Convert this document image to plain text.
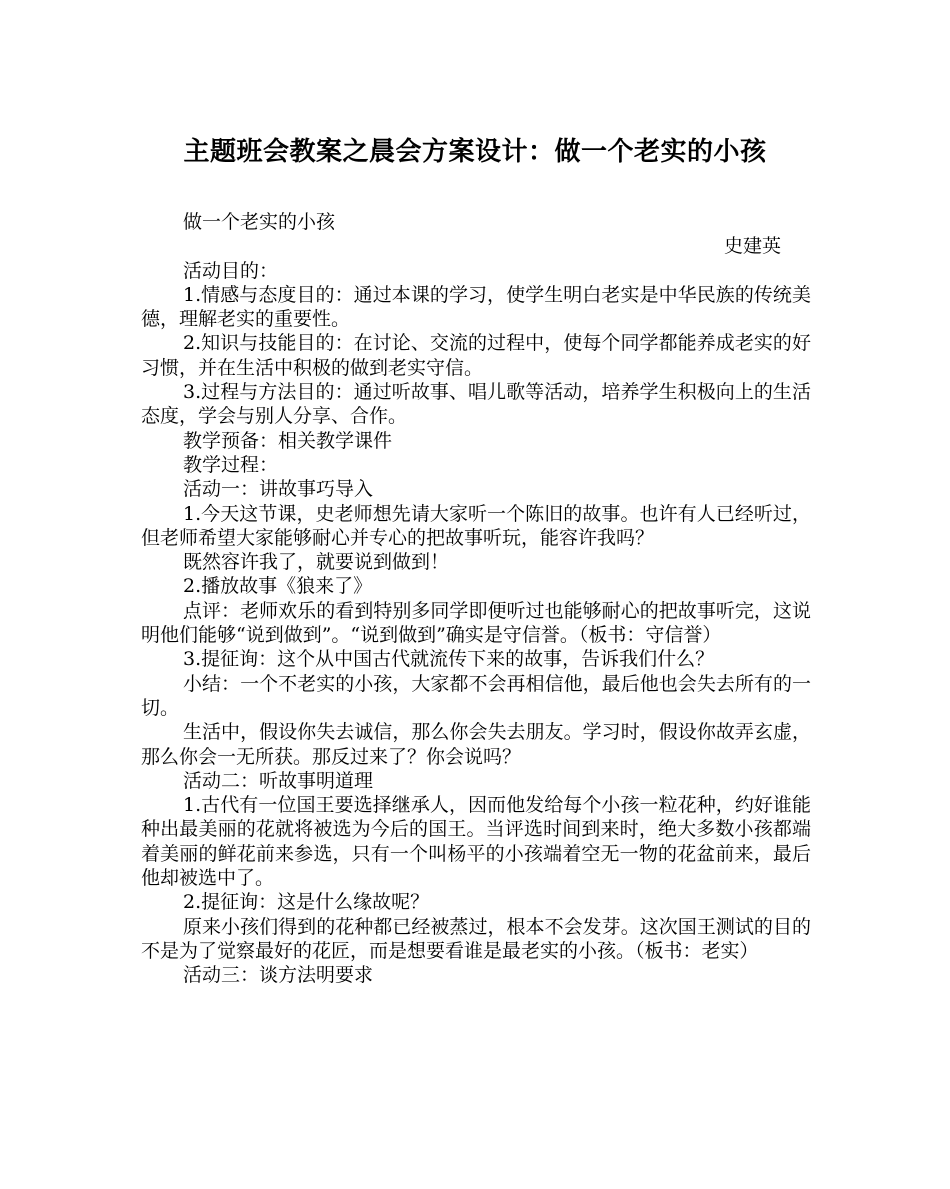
主题班会教案之晨会方案设计：做一个老实的小孩

做一个老实的小孩

史建英

活动目的：

1.情感与态度目的：通过本课的学习，使学生明白老实是中华民族的传统美德，理解老实的重要性。

2.知识与技能目的：在讨论、交流的过程中，使每个同学都能养成老实的好习惯，并在生活中积极的做到老实守信。

3.过程与方法目的：通过听故事、唱儿歌等活动，培养学生积极向上的生活态度，学会与别人分享、合作。

教学预备：相关教学课件

教学过程：

活动一：讲故事巧导入

1.今天这节课，史老师想先请大家听一个陈旧的故事。也许有人已经听过，但老师希望大家能够耐心并专心的把故事听玩，能容许我吗？

既然容许我了，就要说到做到！

2.播放故事《狼来了》

点评：老师欢乐的看到特别多同学即便听过也能够耐心的把故事听完，这说明他们能够“说到做到”。“说到做到”确实是守信誉。（板书：守信誉）

3.提征询：这个从中国古代就流传下来的故事，告诉我们什么？

小结：一个不老实的小孩，大家都不会再相信他，最后他也会失去所有的一切。

生活中，假设你失去诚信，那么你会失去朋友。学习时，假设你故弄玄虚，那么你会一无所获。那反过来了？你会说吗？

活动二：听故事明道理

1.古代有一位国王要选择继承人，因而他发给每个小孩一粒花种，约好谁能种出最美丽的花就将被选为今后的国王。当评选时间到来时，绝大多数小孩都端着美丽的鲜花前来参选，只有一个叫杨平的小孩端着空无一物的花盆前来，最后他却被选中了。

2.提征询：这是什么缘故呢？

原来小孩们得到的花种都已经被蒸过，根本不会发芽。这次国王测试的目的不是为了觉察最好的花匠，而是想要看谁是最老实的小孩。（板书：老实）

活动三：谈方法明要求
